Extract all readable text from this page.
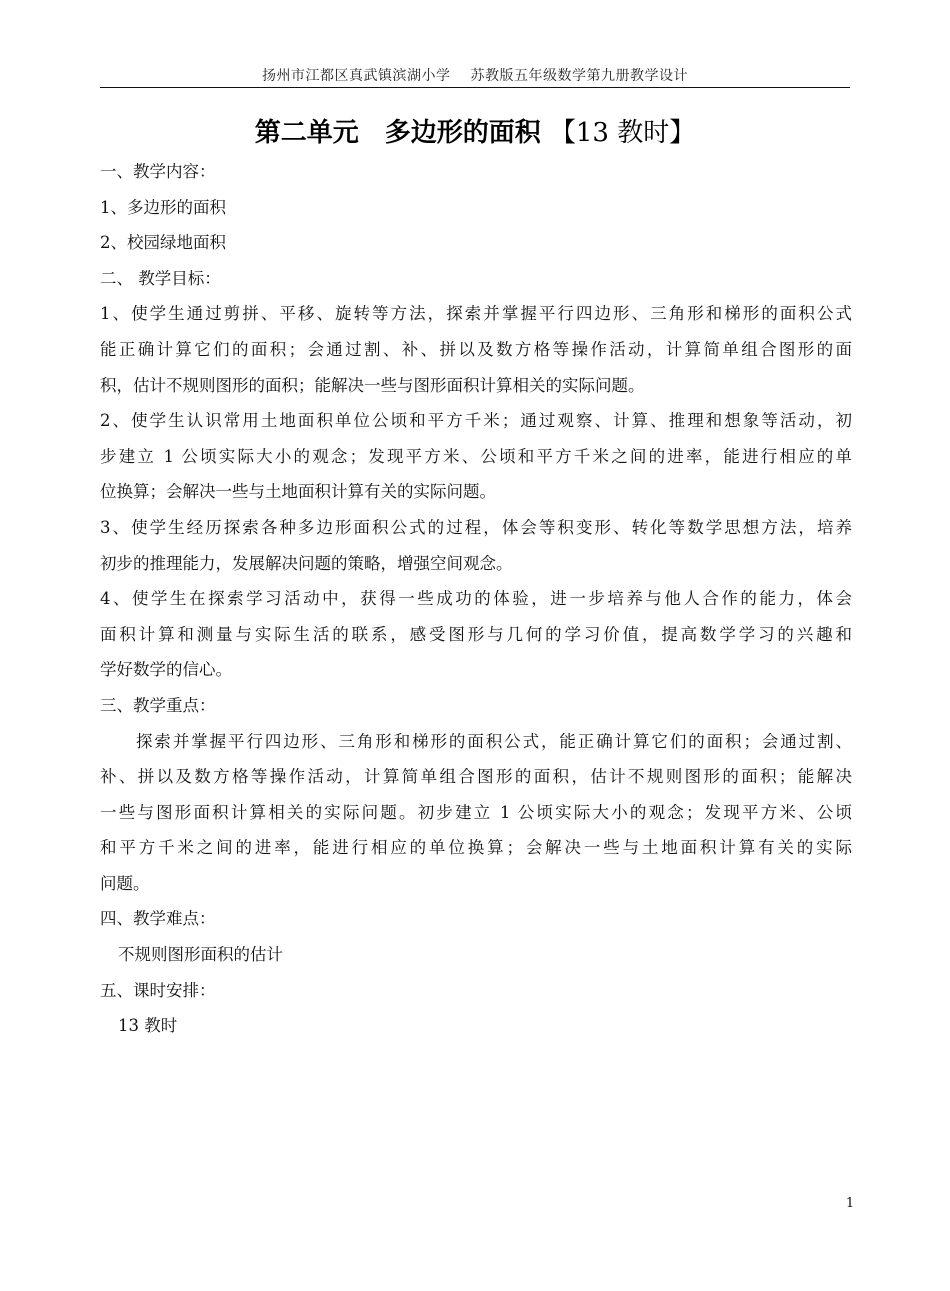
扬州市江都区真武镇滨湖小学 苏教版五年级数学第九册教学设计
第二单元 多边形的面积 【13 教时】
一、教学内容：
1、多边形的面积
2、校园绿地面积
二、 教学目标：
1、使学生通过剪拼、平移、旋转等方法，探索并掌握平行四边形、三角形和梯形的面积公式
能正确计算它们的面积；会通过割、补、拼以及数方格等操作活动，计算简单组合图形的面
积，估计不规则图形的面积；能解决一些与图形面积计算相关的实际问题。
2、使学生认识常用土地面积单位公顷和平方千米；通过观察、计算、推理和想象等活动，初
步建立 1 公顷实际大小的观念；发现平方米、公顷和平方千米之间的进率，能进行相应的单
位换算；会解决一些与土地面积计算有关的实际问题。
3、使学生经历探索各种多边形面积公式的过程，体会等积变形、转化等数学思想方法，培养
初步的推理能力，发展解决问题的策略，增强空间观念。
4、使学生在探索学习活动中，获得一些成功的体验，进一步培养与他人合作的能力，体会
面积计算和测量与实际生活的联系，感受图形与几何的学习价值，提高数学学习的兴趣和
学好数学的信心。
三、教学重点：
探索并掌握平行四边形、三角形和梯形的面积公式，能正确计算它们的面积；会通过割、
补、拼以及数方格等操作活动，计算简单组合图形的面积，估计不规则图形的面积；能解决
一些与图形面积计算相关的实际问题。初步建立 1 公顷实际大小的观念；发现平方米、公顷
和平方千米之间的进率，能进行相应的单位换算；会解决一些与土地面积计算有关的实际
问题。
四、教学难点：
不规则图形面积的估计
五、课时安排：
13 教时
1
